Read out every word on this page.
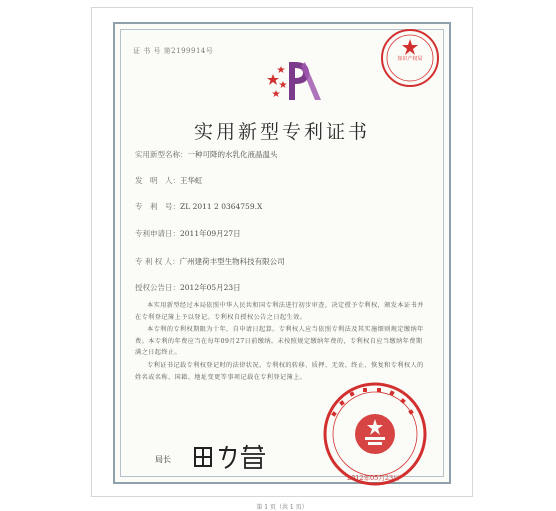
证 书 号 第2199914号
知识产权局
实用新型专利证书
实用新型名称：一种可降的水乳化液晶温头
发　明　人：王华虹
专　利　号：ZL 2011 2 0364759.X
专利申请日：2011年09月27日
专 利 权 人：广州建荷丰型生物科技有限公司
授权公告日：2012年05月23日
本实用新型经过本局依照中华人民共和国专利法进行初步审查，决定授予专利权，颁发本证书并在专利登记簿上予以登记。专利权自授权公告之日起生效。
本专利的专利权期限为十年，自申请日起算。专利权人应当依照专利法及其实施细则规定缴纳年费。本专利的年费应当在每年09月27日前缴纳。未按照规定缴纳年费的，专利权自应当缴纳年费期满之日起终止。
专利证书记载专利权登记时的法律状况。专利权的转移、质押、无效、终止、恢复和专利权人的姓名或名称、国籍、地址变更等事项记载在专利登记簿上。
局长
2012年05月23日
第 1 页（共 1 页）
